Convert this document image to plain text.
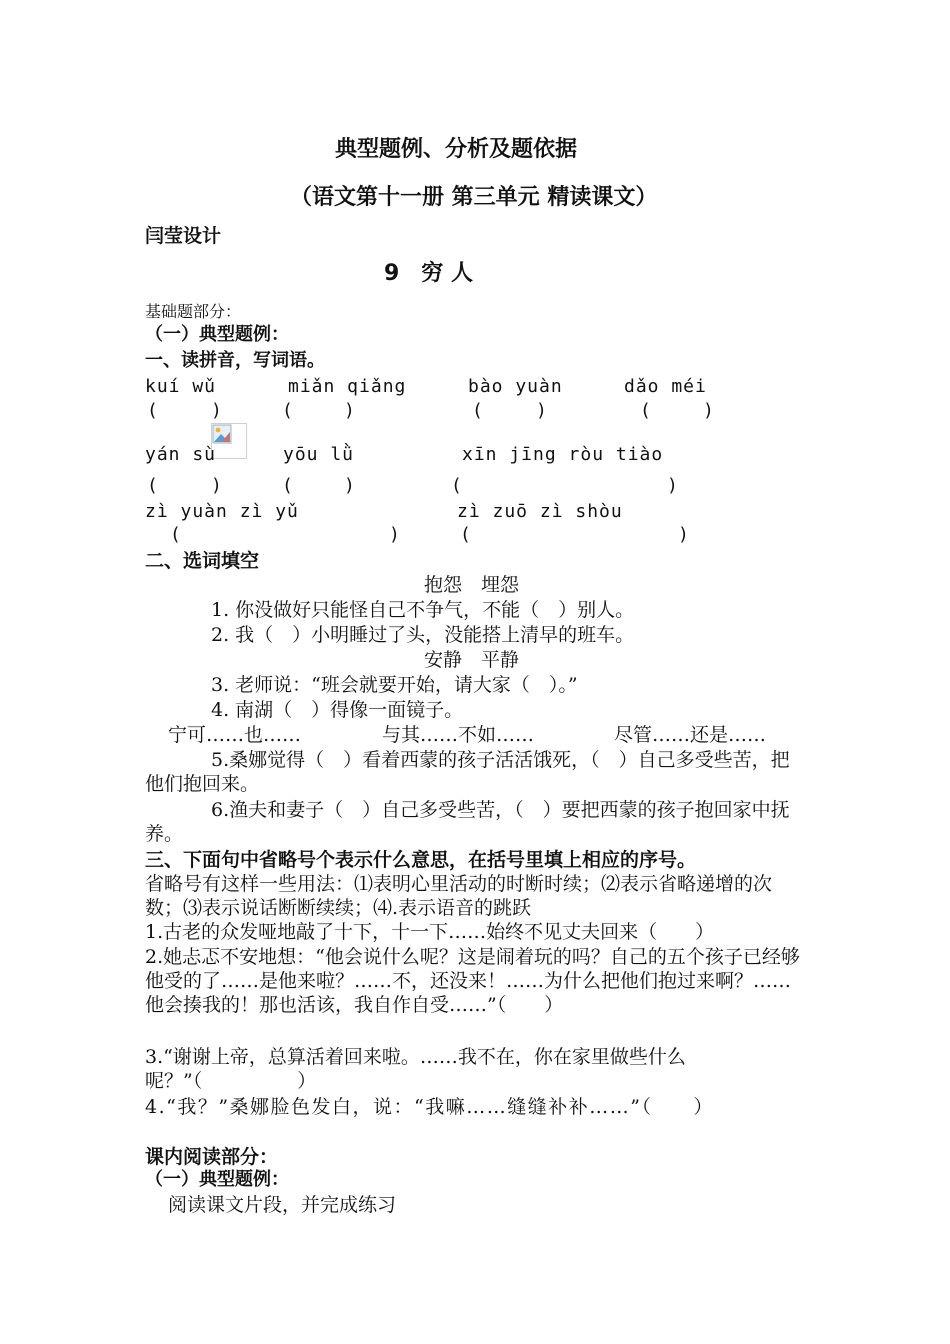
典型题例、分析及题依据
（语文第十一册 第三单元 精读课文）
闫莹设计
9　穷 人
基础题部分：
（一）典型题例：
一、读拼音，写词语。
kuí wǔ	miǎn qiǎng	bào yuàn	dǎo méi
(	)	(	)	(	)	(	)
yán sù	yōu lǜ	xīn jīng ròu tiào
(	)	(	)	(	)
zì yuàn zì yǔ	zì zuō zì shòu
(	)	(	)
二、选词填空
抱怨　埋怨
1. 你没做好只能怪自己不争气，不能（　）别人。
2. 我（　）小明睡过了头，没能搭上清早的班车。
安静　平静
3. 老师说：“班会就要开始，请大家（　）。”
4. 南湖（　）得像一面镜子。
宁可……也……	与其……不如……	尽管……还是……
5.桑娜觉得（　）看着西蒙的孩子活活饿死，（　）自己多受些苦，把他们抱回来。
6.渔夫和妻子（　）自己多受些苦，（　）要把西蒙的孩子抱回家中抚养。
三、下面句中省略号个表示什么意思，在括号里填上相应的序号。
省略号有这样一些用法：⑴表明心里活动的时断时续；⑵表示省略递增的次数；⑶表示说话断断续续；⑷.表示语音的跳跃
1.古老的众发哑地敲了十下，十一下……始终不见丈夫回来（　　）
2.她忐忑不安地想：“他会说什么呢？这是闹着玩的吗？自己的五个孩子已经够他受的了……是他来啦？……不，还没来！……为什么把他们抱过来啊？……他会揍我的！那也活该，我自作自受……”（　　）
3.“谢谢上帝，总算活着回来啦。……我不在，你在家里做些什么呢？”（　　　　　）
4.“我？”桑娜脸色发白，说：“我嘛……缝缝补补……”（　　）
课内阅读部分：
（一）典型题例：
阅读课文片段，并完成练习
